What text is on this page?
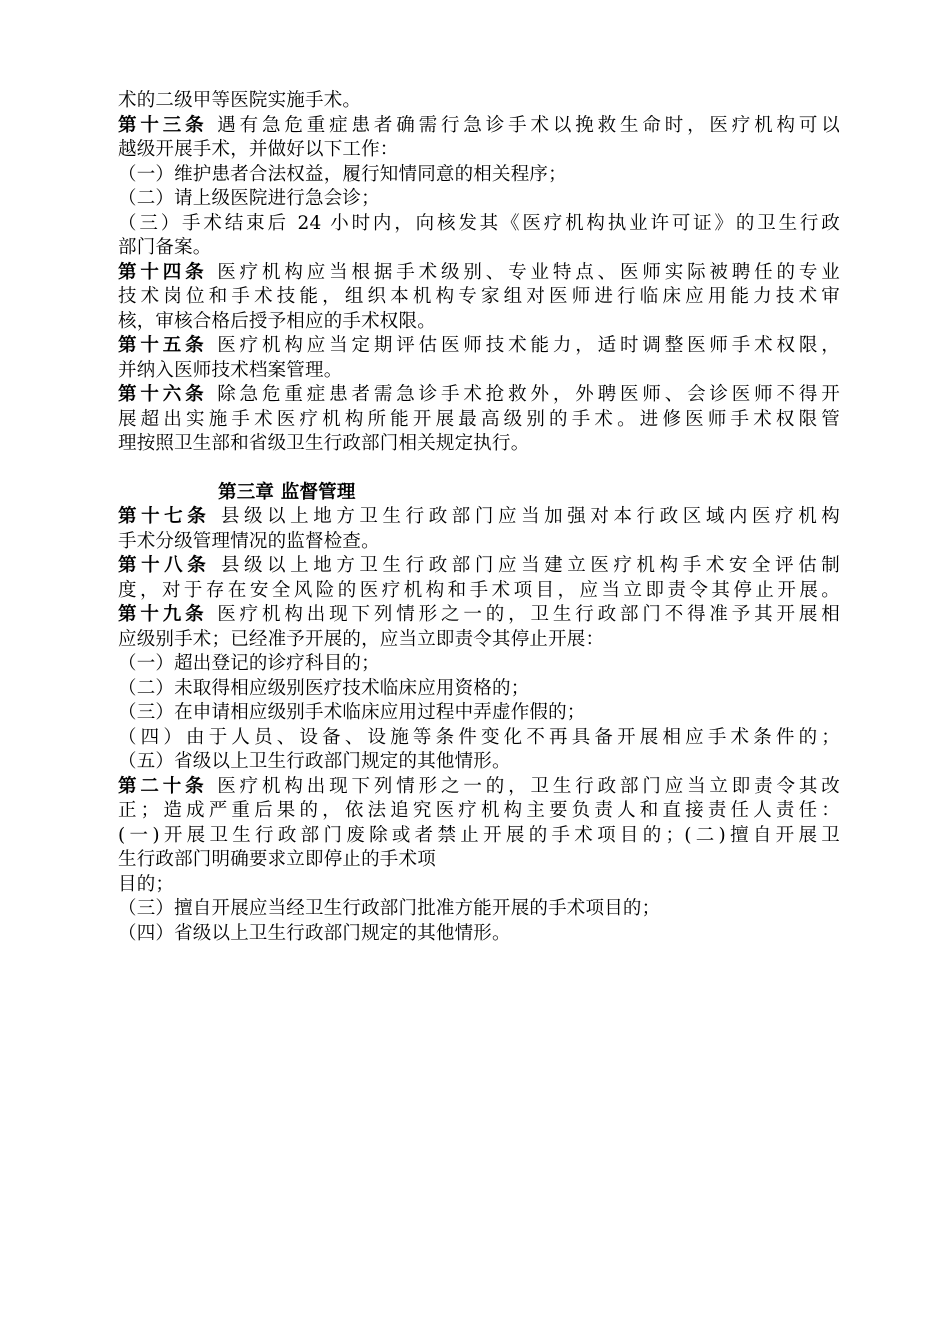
术的二级甲等医院实施手术。
第十三条 遇有急危重症患者确需行急诊手术以挽救生命时，医疗机构可以
越级开展手术，并做好以下工作：
（一）维护患者合法权益，履行知情同意的相关程序；
（二）请上级医院进行急会诊；
（三）手术结束后 24 小时内，向核发其《医疗机构执业许可证》的卫生行政
部门备案。
第十四条 医疗机构应当根据手术级别、专业特点、医师实际被聘任的专业
技术岗位和手术技能，组织本机构专家组对医师进行临床应用能力技术审
核，审核合格后授予相应的手术权限。
第十五条 医疗机构应当定期评估医师技术能力，适时调整医师手术权限，
并纳入医师技术档案管理。
第十六条 除急危重症患者需急诊手术抢救外，外聘医师、会诊医师不得开
展超出实施手术医疗机构所能开展最高级别的手术。进修医师手术权限管
理按照卫生部和省级卫生行政部门相关规定执行。
第三章 监督管理
第十七条 县级以上地方卫生行政部门应当加强对本行政区域内医疗机构
手术分级管理情况的监督检查。
第十八条 县级以上地方卫生行政部门应当建立医疗机构手术安全评估制
度，对于存在安全风险的医疗机构和手术项目，应当立即责令其停止开展。
第十九条 医疗机构出现下列情形之一的，卫生行政部门不得准予其开展相
应级别手术；已经准予开展的，应当立即责令其停止开展：
（一）超出登记的诊疗科目的；
（二）未取得相应级别医疗技术临床应用资格的；
（三）在申请相应级别手术临床应用过程中弄虚作假的；
（四）由于人员、设备、设施等条件变化不再具备开展相应手术条件的；
（五）省级以上卫生行政部门规定的其他情形。
第二十条 医疗机构出现下列情形之一的，卫生行政部门应当立即责令其改
正；造成严重后果的，依法追究医疗机构主要负责人和直接责任人责任：
(一)开展卫生行政部门废除或者禁止开展的手术项目的；(二)擅自开展卫
生行政部门明确要求立即停止的手术项
目的；
（三）擅自开展应当经卫生行政部门批准方能开展的手术项目的；
（四）省级以上卫生行政部门规定的其他情形。
